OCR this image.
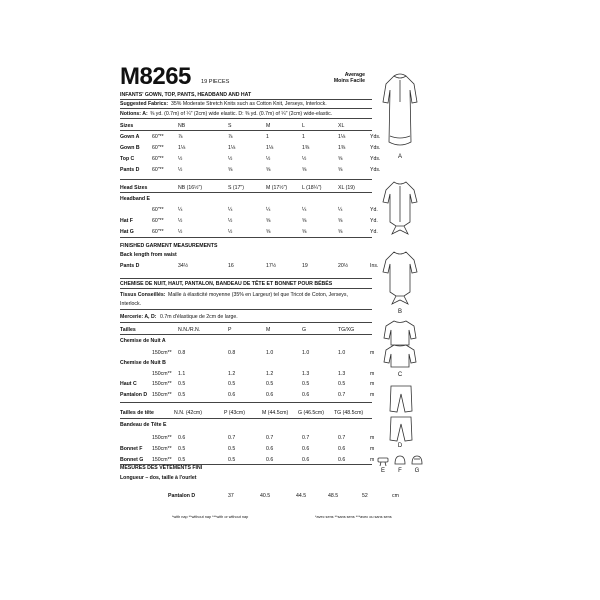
M8265 19 PIECES
Average
Moins Facile
INFANTS' GOWN, TOP, PANTS, HEADBAND AND HAT
Suggested Fabrics: 35% Moderate Stretch Knits such as Cotton Knit, Jerseys, Interlock.
Notions: A: ⅜ yd. (0.7m) of ¼" (2cm) wide elastic. D: ⅜ yd. (0.7m) of ¼" (2cm) wide-elastic.
Sizes	NB	S	M	L	XL
Gown A 60"**	⅞	⅞	1	1	1⅛	Yds.
Gown B 60"**	1⅛	1⅛	1⅛	1⅜	1⅜	Yds.
Top C	60"**	½	½	½	½	⅝	Yds.
Pants D 60"**	½	⅝	⅝	⅝	⅝	Yds.
Head Sizes	NB (16½")	S (17")	M (17½")	L (18¼")	XL (19)
Headband E
60"**	¼	¼	¼	¼	¼	Yd.
Hat F	60"**	½	½	⅝	⅝	⅝	Yd.
Hat G	60"**	½	½	⅝	⅝	⅝	Yd.
FINISHED GARMENT MEASUREMENTS
Back length from waist
Pants D	34½	16	17½	19	20½	Ins.
CHEMISE DE NUIT, HAUT, PANTALON, BANDEAU DE TÊTE ET BONNET POUR BÉBÉS
Tissus Conseillés: Maille à élasticité moyenne (35% en Largeur) tel que Tricot de Coton, Jerseys,
Interlock.
Mercerie: A, D: 0.7m d'élastique de 2cm de large.
Tailles	N.N./R.N.	P	M	G	TG/XG
Chemise de Nuit A
150cm** 0.8	0.8	1.0	1.0	1.0	m
Chemise de Nuit B
150cm** 1.1	1.2	1.2	1.3	1.3	m
Haut C	150cm** 0.5	0.5	0.5	0.5	0.5	m
Pantalon D 150cm** 0.5	0.6	0.6	0.6	0.7	m
Tailles de tête	N.N. (42cm)	P (43cm)	M (44.5cm) G (46.5cm) TG (48.5cm)
Bandeau de Tête E
150cm** 0.6	0.7	0.7	0.7	0.7	m
Bonnet F 150cm** 0.5	0.5	0.6	0.6	0.6	m
Bonnet G 150cm** 0.5	0.5	0.6	0.6	0.6	m
MESURES DES VÊTEMENTS FINI
Longueur – dos, taille à l'ourlet
Pantalon D	37	40.5	44.5	48.5	52	cm
*with nap **without nap ***with or without nap	*avec sens **sans sens ***avec ou sans sens
A
B
C
D
E	F	G
